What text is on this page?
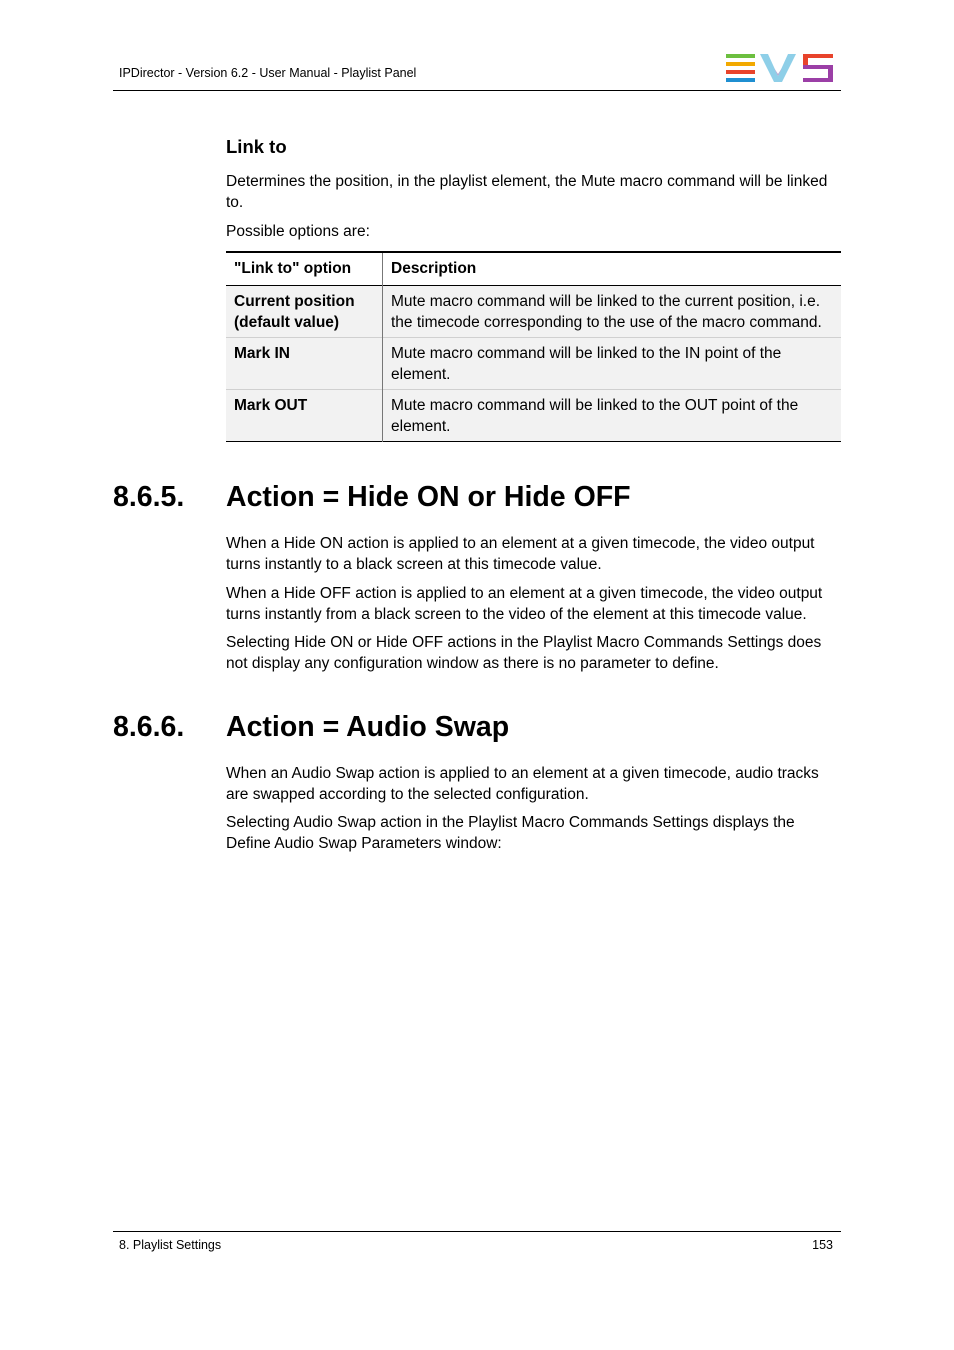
IPDirector - Version 6.2 - User Manual - Playlist Panel
Link to
Determines the position, in the playlist element, the Mute macro command will be linked to.
Possible options are:
"Link to" option	Description

Current position
(default value)	Mute macro command will be linked to the current position, i.e. the timecode corresponding to the use of the macro command.

Mark IN	Mute macro command will be linked to the IN point of the element.

Mark OUT	Mute macro command will be linked to the OUT point of the element.
8.6.5. Action = Hide ON or Hide OFF
When a Hide ON action is applied to an element at a given timecode, the video output turns instantly to a black screen at this timecode value.
When a Hide OFF action is applied to an element at a given timecode, the video output turns instantly from a black screen to the video of the element at this timecode value.
Selecting Hide ON or Hide OFF actions in the Playlist Macro Commands Settings does not display any configuration window as there is no parameter to define.
8.6.6. Action = Audio Swap
When an Audio Swap action is applied to an element at a given timecode, audio tracks are swapped according to the selected configuration.
Selecting Audio Swap action in the Playlist Macro Commands Settings displays the Define Audio Swap Parameters window:
8. Playlist Settings	153
